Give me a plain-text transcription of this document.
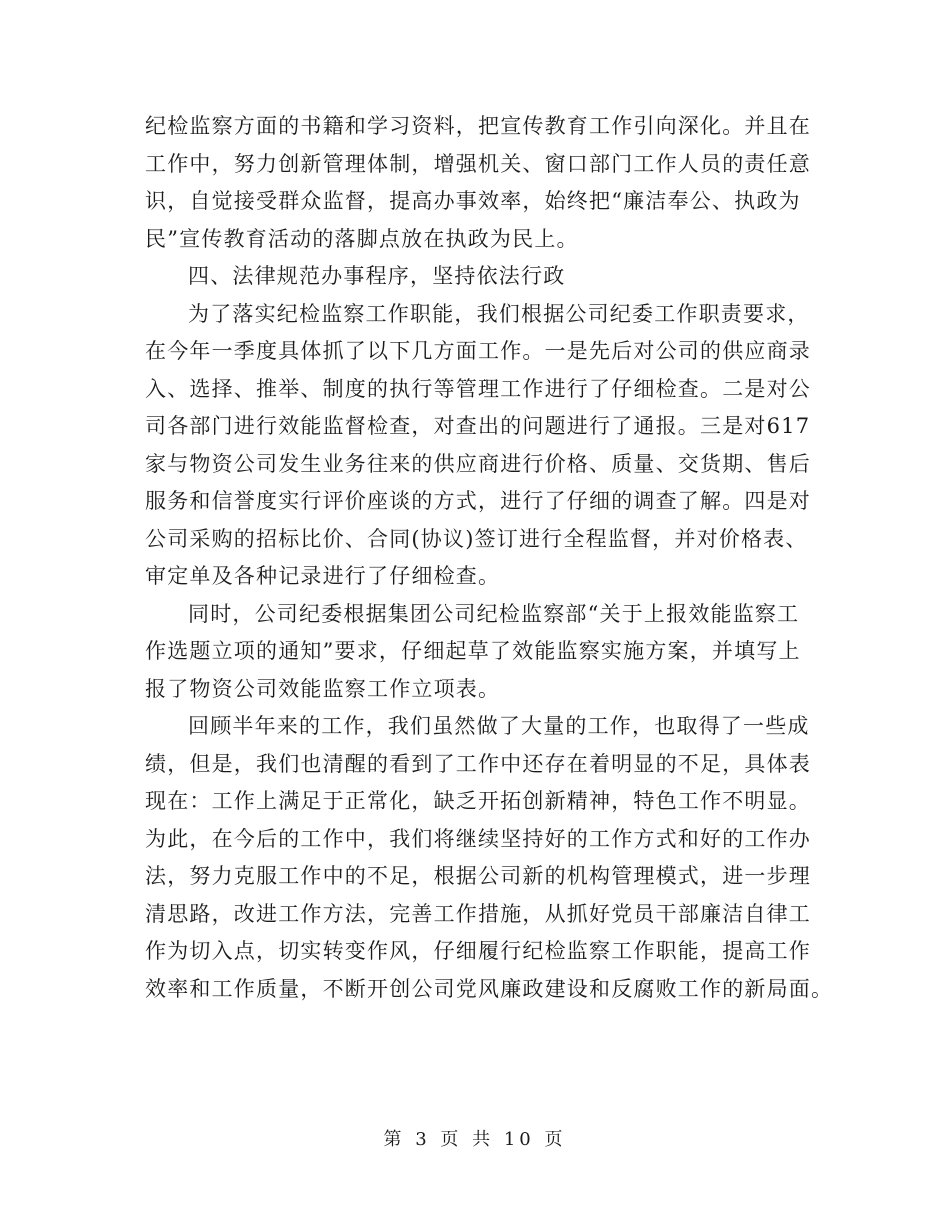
纪检监察方面的书籍和学习资料，把宣传教育工作引向深化。并且在
工作中，努力创新管理体制，增强机关、窗口部门工作人员的责任意
识，自觉接受群众监督，提高办事效率，始终把“廉洁奉公、执政为
民”宣传教育活动的落脚点放在执政为民上。
四、法律规范办事程序，坚持依法行政
为了落实纪检监察工作职能，我们根据公司纪委工作职责要求，
在今年一季度具体抓了以下几方面工作。一是先后对公司的供应商录
入、选择、推举、制度的执行等管理工作进行了仔细检查。二是对公
司各部门进行效能监督检查，对查出的问题进行了通报。三是对617
家与物资公司发生业务往来的供应商进行价格、质量、交货期、售后
服务和信誉度实行评价座谈的方式，进行了仔细的调查了解。四是对
公司采购的招标比价、合同(协议)签订进行全程监督，并对价格表、
审定单及各种记录进行了仔细检查。
同时，公司纪委根据集团公司纪检监察部“关于上报效能监察工
作选题立项的通知”要求，仔细起草了效能监察实施方案，并填写上
报了物资公司效能监察工作立项表。
回顾半年来的工作，我们虽然做了大量的工作，也取得了一些成
绩，但是，我们也清醒的看到了工作中还存在着明显的不足，具体表
现在：工作上满足于正常化，缺乏开拓创新精神，特色工作不明显。
为此，在今后的工作中，我们将继续坚持好的工作方式和好的工作办
法，努力克服工作中的不足，根据公司新的机构管理模式，进一步理
清思路，改进工作方法，完善工作措施，从抓好党员干部廉洁自律工
作为切入点，切实转变作风，仔细履行纪检监察工作职能，提高工作
效率和工作质量，不断开创公司党风廉政建设和反腐败工作的新局面。
第 3 页 共 10 页
